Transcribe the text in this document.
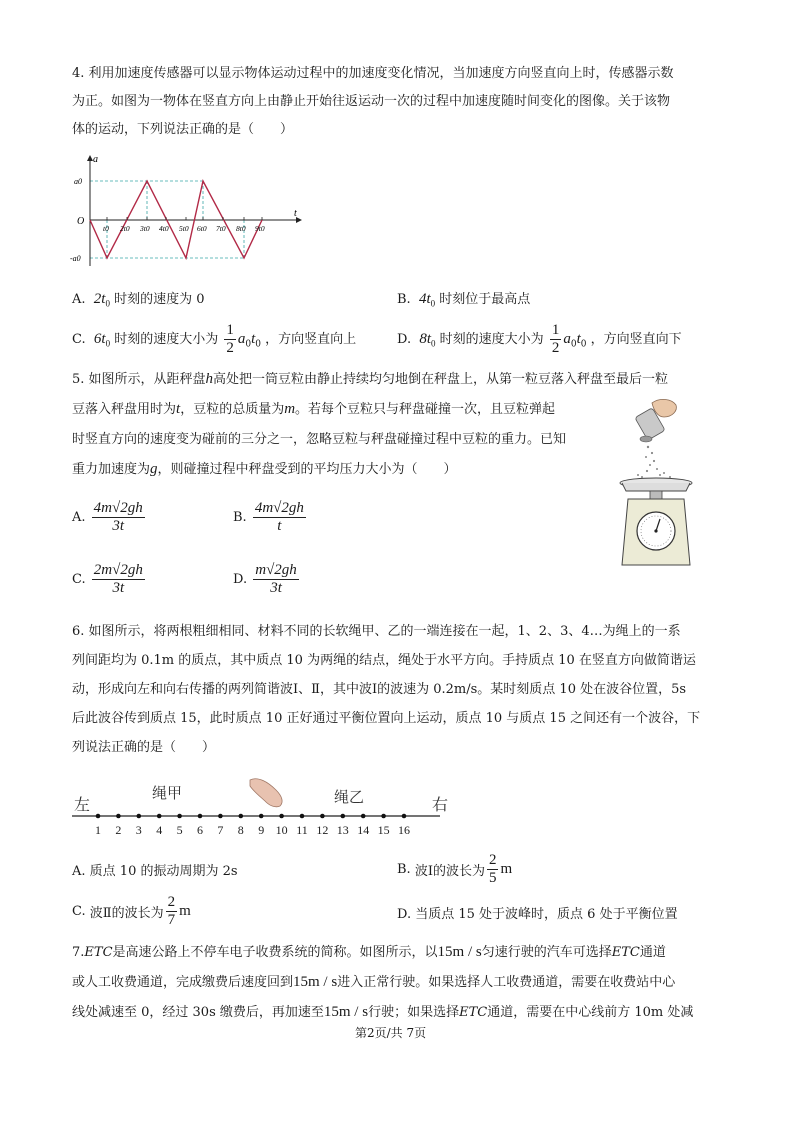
4. 利用加速度传感器可以显示物体运动过程中的加速度变化情况，当加速度方向竖直向上时，传感器示数
为正。如图为一物体在竖直方向上由静止开始往返运动一次的过程中加速度随时间变化的图像。关于该物
体的运动，下列说法正确的是（　　）
a
t
O
a0
-a0
t0 2t0 3t0 4t0 5t0 6t0 7t0 8t0 9t0
A. $2t_0$ 时刻的速度为 0	B. $4t_0$ 时刻位于最高点
C. $6t_0$ 时刻的速度大小为 $\frac{1}{2} a_0t_0$ ，方向竖直向上	D. $8t_0$ 时刻的速度大小为 $\frac{1}{2} a_0t_0$ ，方向竖直向下
5. 如图所示，从距秤盘h高处把一筒豆粒由静止持续均匀地倒在秤盘上，从第一粒豆落入秤盘至最后一粒
豆落入秤盘用时为t，豆粒的总质量为m。若每个豆粒只与秤盘碰撞一次，且豆粒弹起
时竖直方向的速度变为碰前的三分之一，忽略豆粒与秤盘碰撞过程中豆粒的重力。已知
重力加速度为g，则碰撞过程中秤盘受到的平均压力大小为（　　）
A. $\frac{4m√2gh}{3t}$	B. $\frac{4m√2gh}{t}$
C. $\frac{2m√2gh}{3t}$	D. $\frac{m√2gh}{3t}$
6. 如图所示，将两根粗细相同、材料不同的长软绳甲、乙的一端连接在一起，1、2、3、4…为绳上的一系
列间距均为 0.1m 的质点，其中质点 10 为两绳的结点，绳处于水平方向。手持质点 10 在竖直方向做简谐运
动，形成向左和向右传播的两列简谐波Ⅰ、Ⅱ，其中波Ⅰ的波速为 0.2m/s。某时刻质点 10 处在波谷位置，5s
后此波谷传到质点 15，此时质点 10 正好通过平衡位置向上运动，质点 10 与质点 15 之间还有一个波谷，下
列说法正确的是（　　）
左	右
绳甲	绳乙
1 2 3 4 5 6 7 8 9 10 11 12 13 14 15 16
A. 质点 10 的振动周期为 2s	B. 波Ⅰ的波长为 $\frac{2}{5}$ m
C. 波Ⅱ的波长为 $\frac{2}{7}$ m	D. 当质点 15 处于波峰时，质点 6 处于平衡位置
7.ETC是高速公路上不停车电子收费系统的简称。如图所示，以15m / s匀速行驶的汽车可选择ETC通道
或人工收费通道，完成缴费后速度回到15m / s进入正常行驶。如果选择人工收费通道，需要在收费站中心
线处减速至 0，经过 30s 缴费后，再加速至15m / s行驶；如果选择ETC通道，需要在中心线前方 10m 处减
第2页/共 7页
